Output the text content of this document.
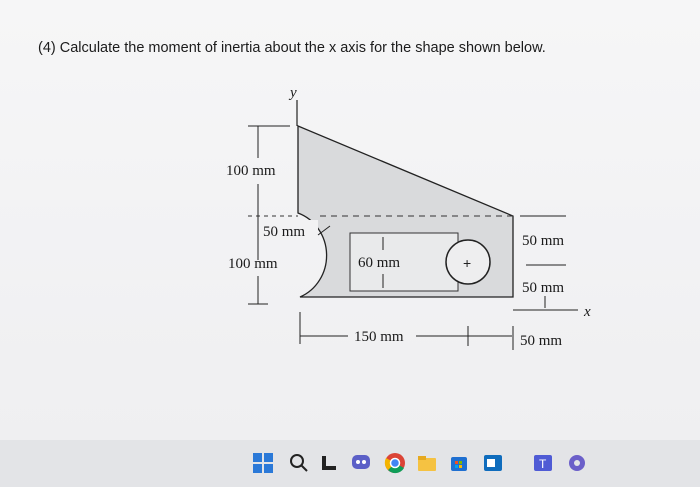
(4) Calculate the moment of inertia about the x axis for the shape shown below.
y
x
+
100 mm
100 mm
50 mm
60 mm
150 mm	50 mm
50 mm
50 mm
T
